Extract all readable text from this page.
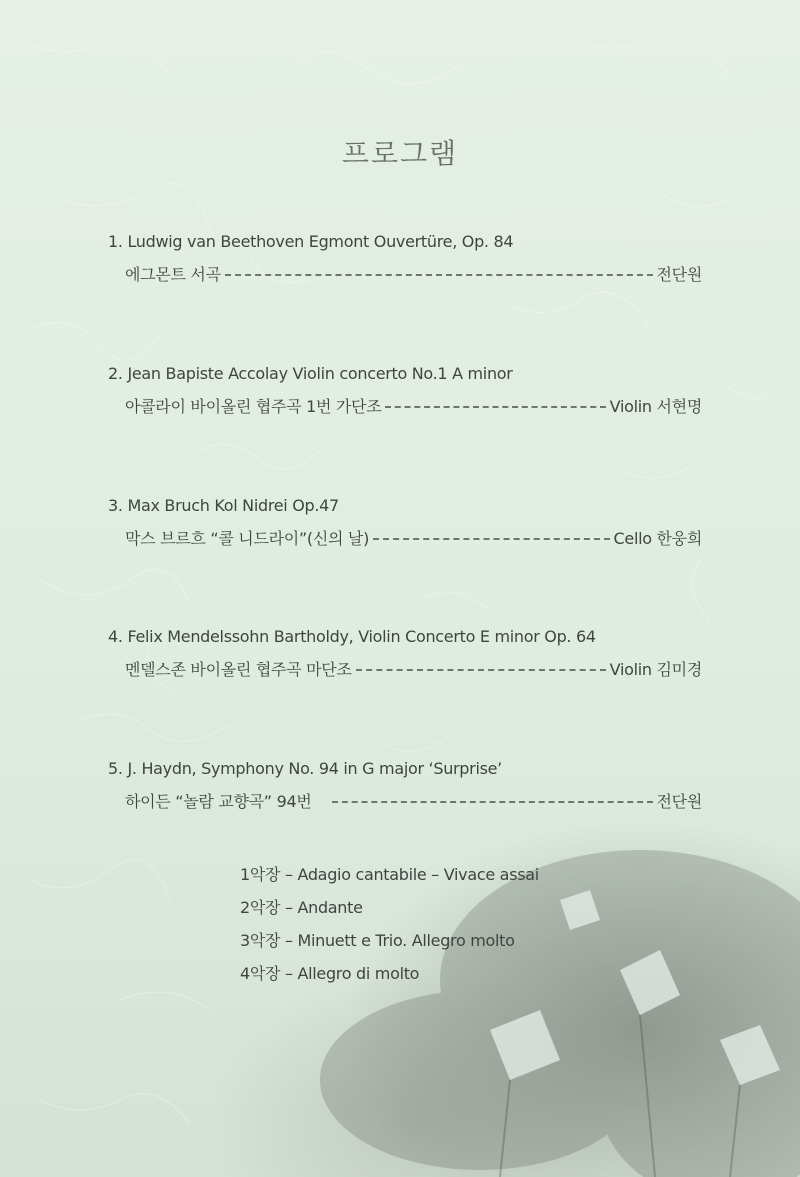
프로그램
1. Ludwig van Beethoven Egmont Ouvertüre, Op. 84
에그몬트 서곡	전단원
2. Jean Bapiste Accolay Violin concerto No.1 A minor
아콜라이 바이올린 협주곡 1번 가단조	Violin 서현명
3. Max Bruch Kol Nidrei Op.47
막스 브르흐 “콜 니드라이”(신의 날)	Cello 한웅희
4. Felix Mendelssohn Bartholdy, Violin Concerto E minor Op. 64
멘델스존 바이올린 협주곡 마단조	Violin 김미경
5. J. Haydn, Symphony No. 94 in G major ‘Surprise’
하이든 “놀람 교향곡” 94번	전단원
1악장 – Adagio cantabile – Vivace assai
2악장 – Andante
3악장 – Minuett e Trio. Allegro molto
4악장 – Allegro di molto
